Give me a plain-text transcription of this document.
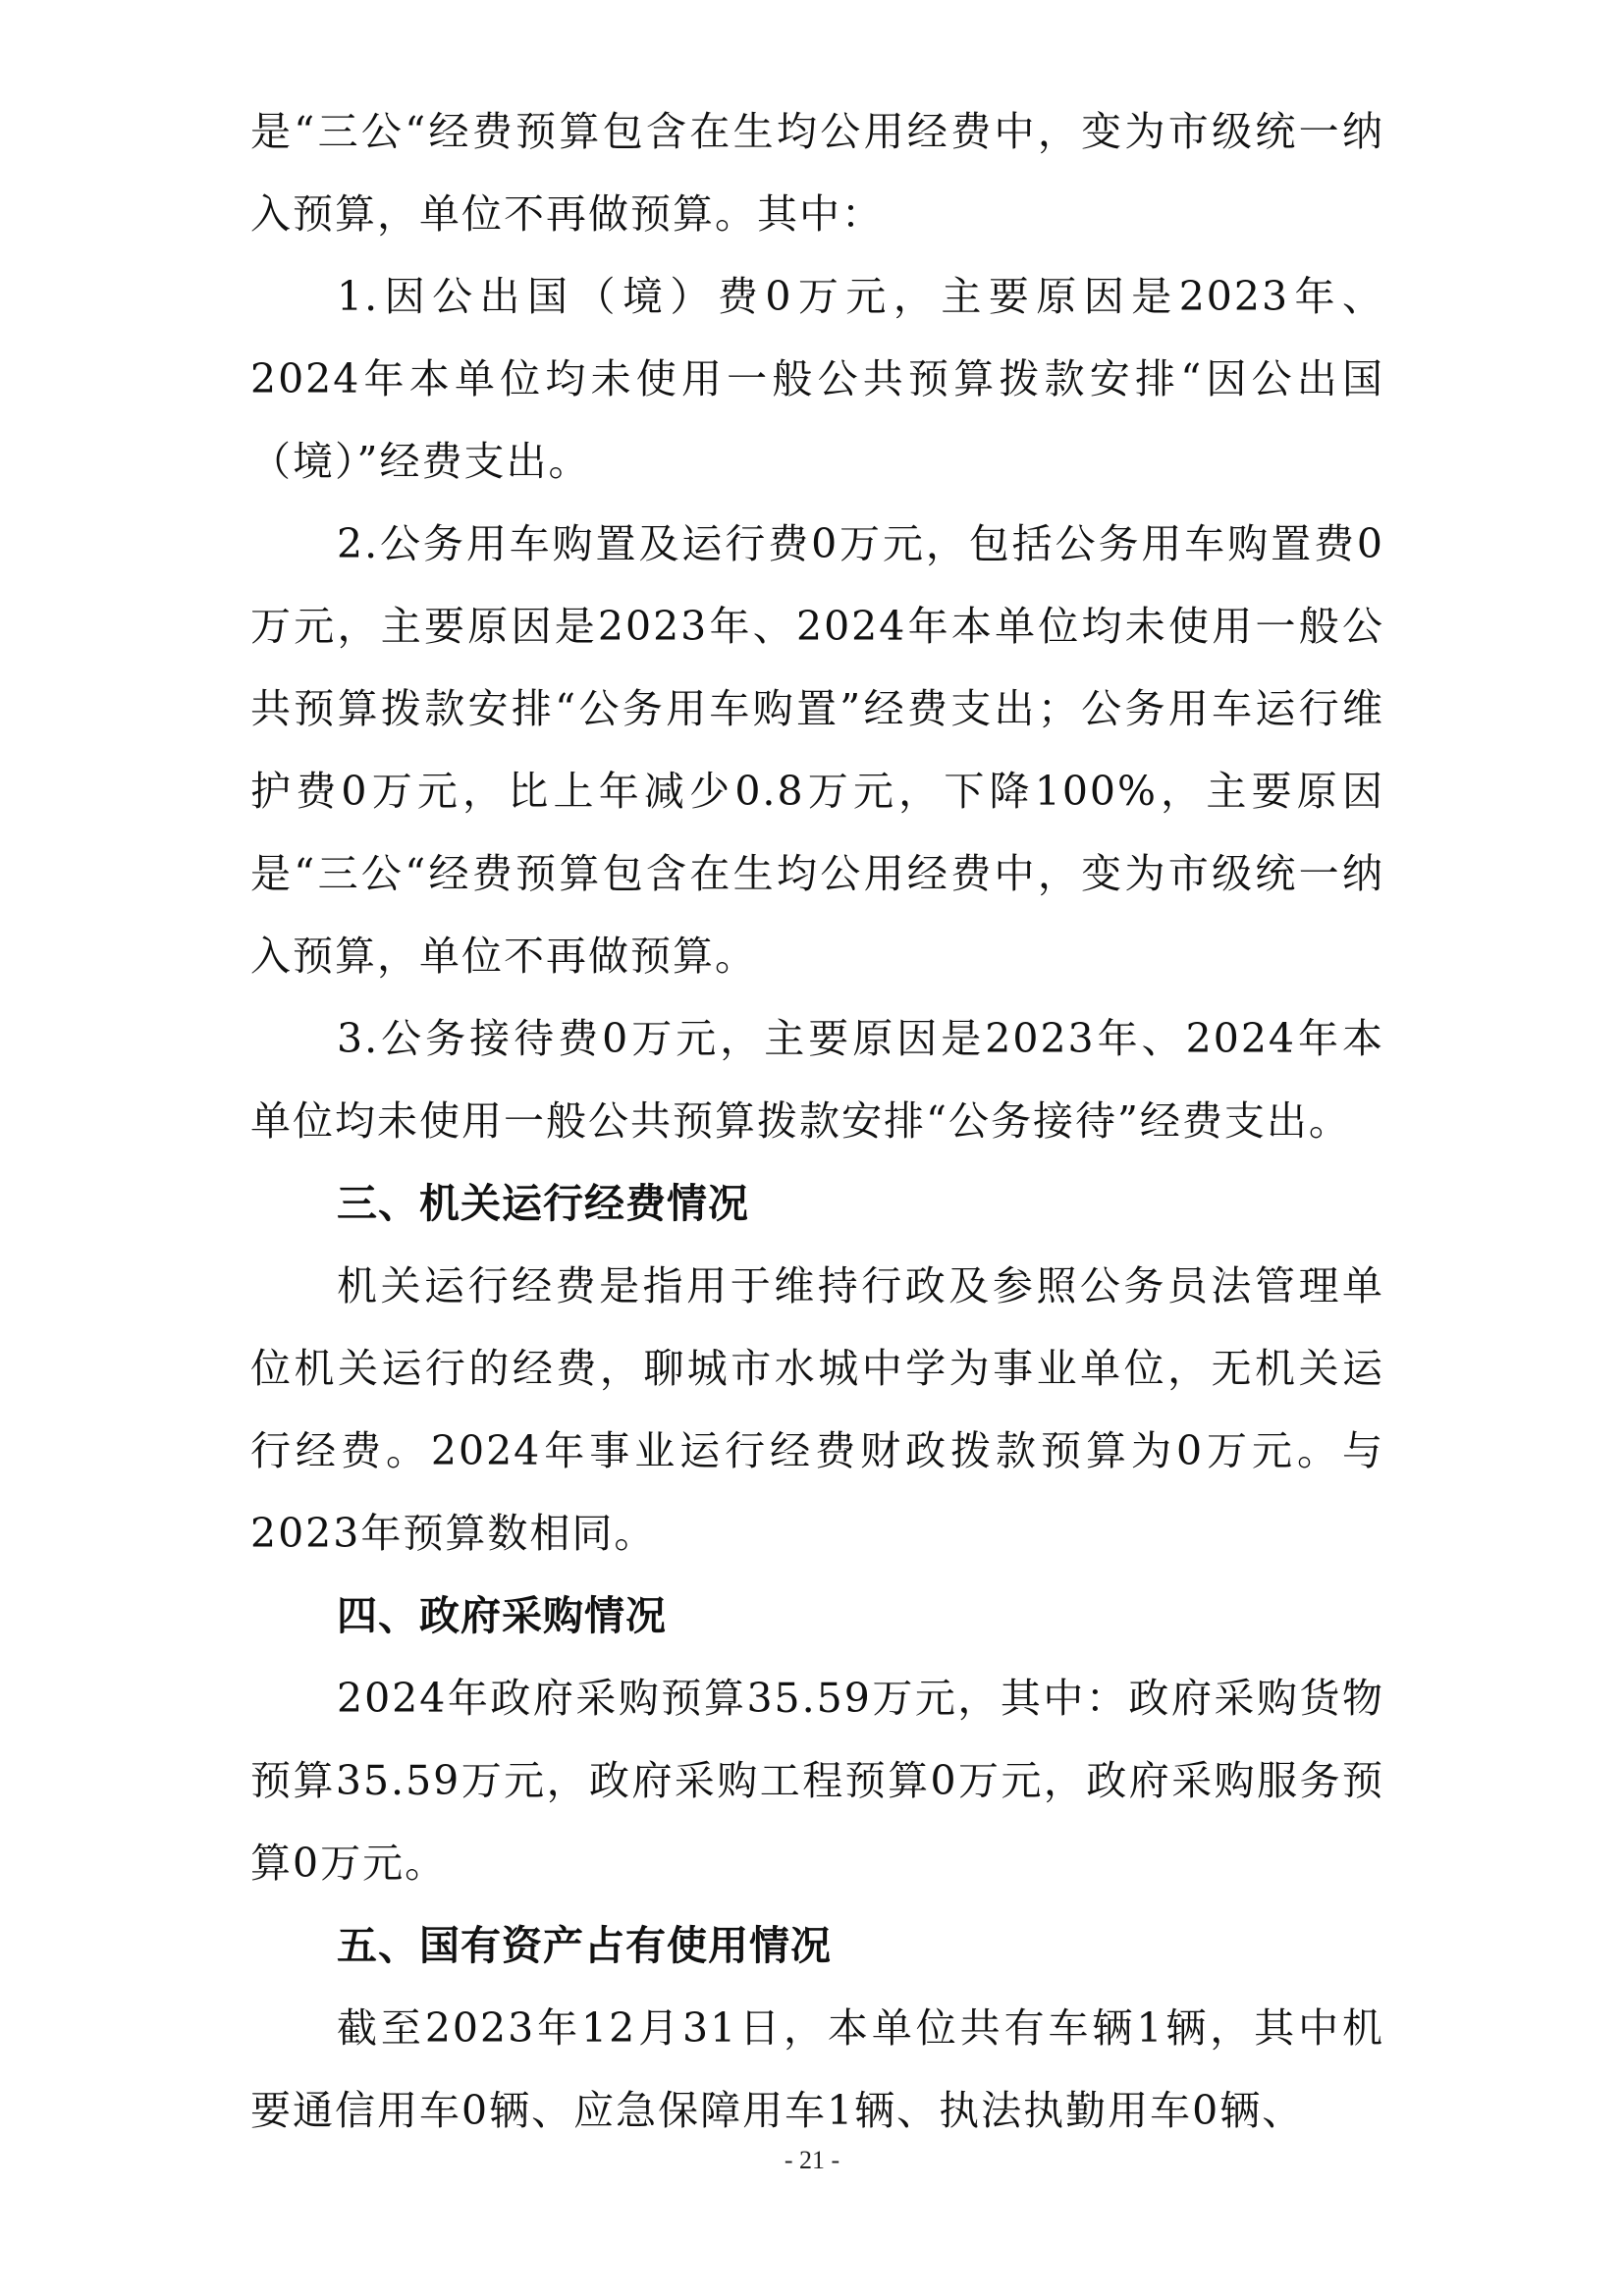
是“三公“经费预算包含在生均公用经费中，变为市级统一纳入预算，单位不再做预算。其中：

1.因公出国（境）费0万元，主要原因是2023年、2024年本单位均未使用一般公共预算拨款安排“因公出国（境）”经费支出。

2.公务用车购置及运行费0万元，包括公务用车购置费0万元，主要原因是2023年、2024年本单位均未使用一般公共预算拨款安排“公务用车购置”经费支出；公务用车运行维护费0万元，比上年减少0.8万元，下降100%，主要原因是“三公“经费预算包含在生均公用经费中，变为市级统一纳入预算，单位不再做预算。

3.公务接待费0万元，主要原因是2023年、2024年本单位均未使用一般公共预算拨款安排“公务接待”经费支出。

三、机关运行经费情况

机关运行经费是指用于维持行政及参照公务员法管理单位机关运行的经费，聊城市水城中学为事业单位，无机关运行经费。2024年事业运行经费财政拨款预算为0万元。与2023年预算数相同。

四、政府采购情况

2024年政府采购预算35.59万元，其中：政府采购货物预算35.59万元，政府采购工程预算0万元，政府采购服务预算0万元。

五、国有资产占有使用情况

截至2023年12月31日，本单位共有车辆1辆，其中机要通信用车0辆、应急保障用车1辆、执法执勤用车0辆、

- 21 -
